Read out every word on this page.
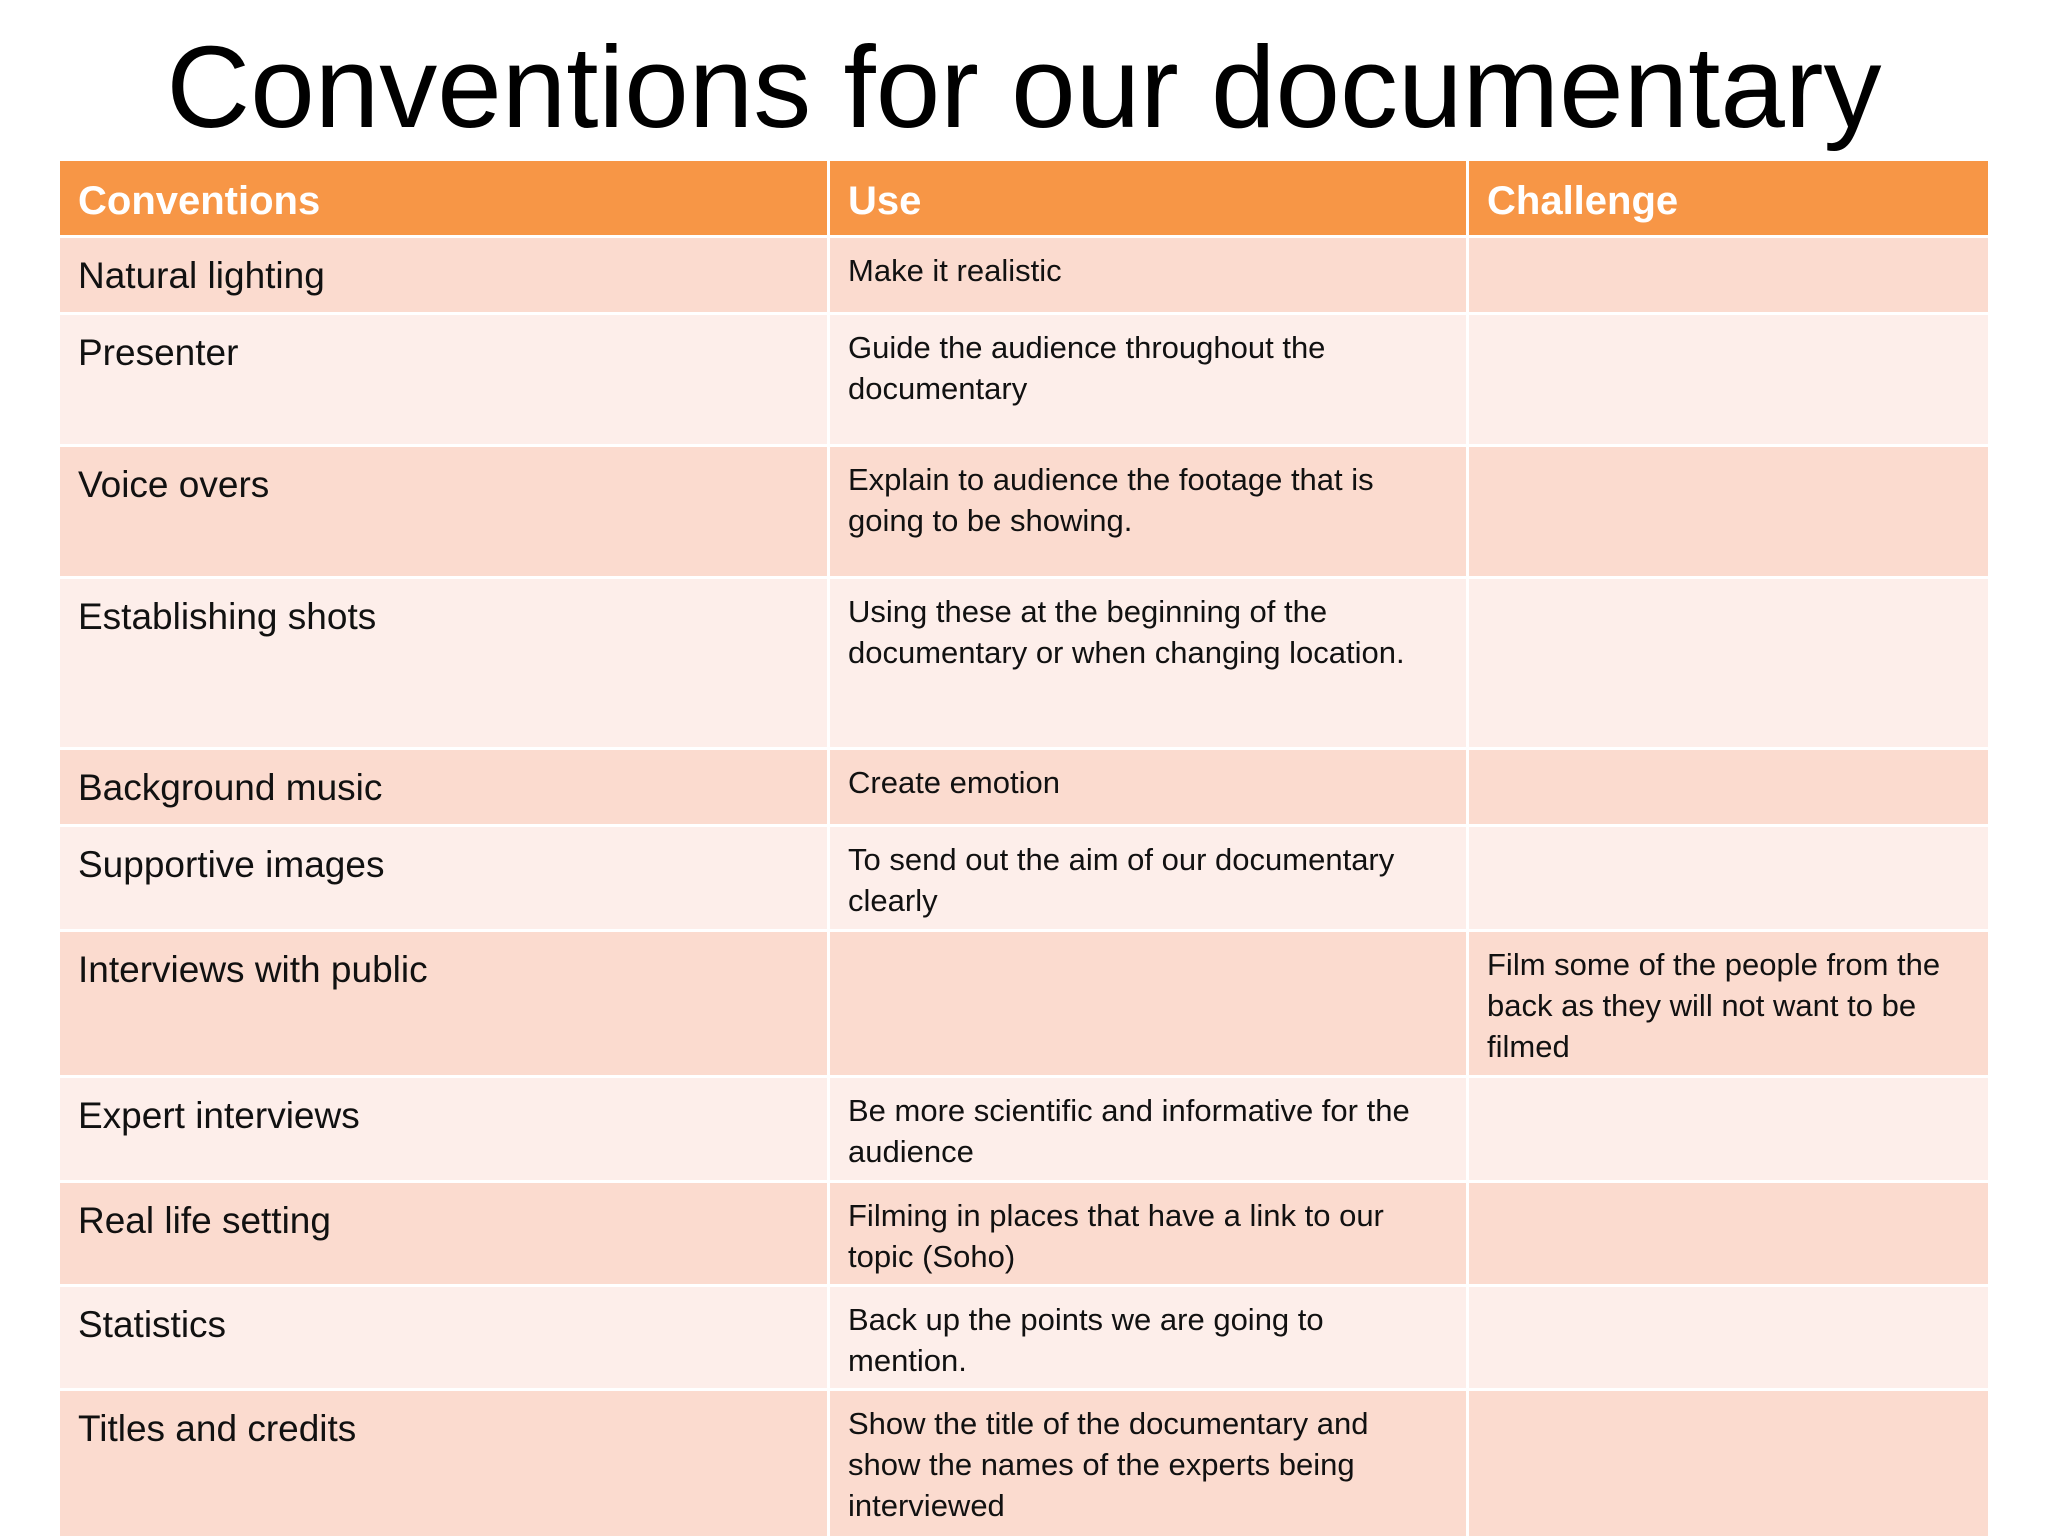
Conventions for our documentary
Conventions	Use	Challenge

Natural lighting	Make it realistic	

Presenter	Guide the audience throughout the documentary	

Voice overs	Explain to audience the footage that is going to be showing.	

Establishing shots	Using these at the beginning of the documentary or when changing location.	

Background music	Create emotion	

Supportive images	To send out the aim of our documentary clearly	

Interviews with public		Film some of the people from the back as they will not want to be filmed

Expert interviews	Be more scientific and informative for the audience	

Real life setting	Filming in places that have a link to our topic (Soho)	

Statistics	Back up the points we are going to mention.	

Titles and credits	Show the title of the documentary and show the names of the experts being interviewed	
